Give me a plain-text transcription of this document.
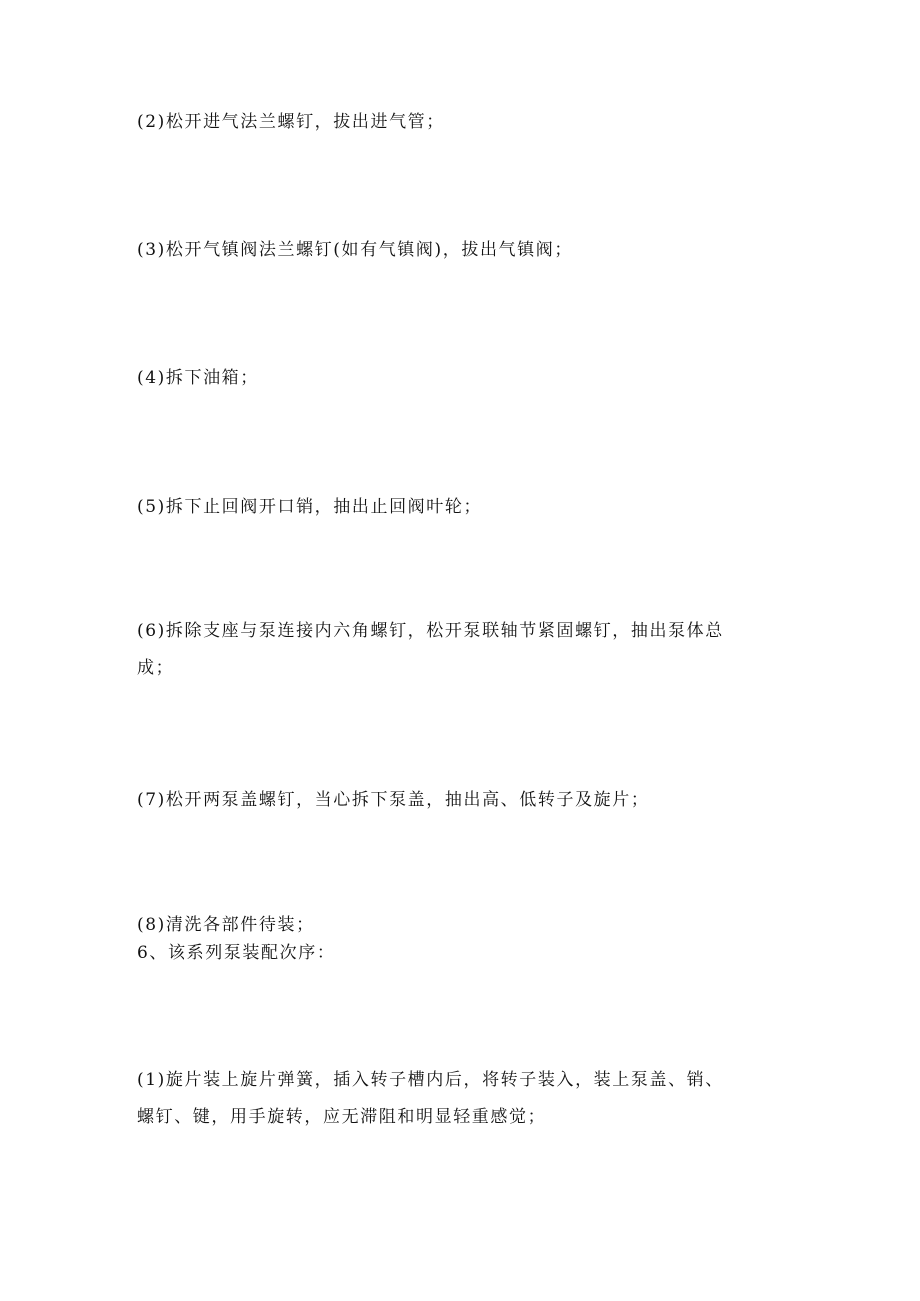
(2)松开进气法兰螺钉，拔出进气管；
(3)松开气镇阀法兰螺钉(如有气镇阀)，拔出气镇阀；
(4)拆下油箱；
(5)拆下止回阀开口销，抽出止回阀叶轮；
(6)拆除支座与泵连接内六角螺钉，松开泵联轴节紧固螺钉，抽出泵体总
成；
(7)松开两泵盖螺钉，当心拆下泵盖，抽出高、低转子及旋片；
(8)清洗各部件待装；
6、该系列泵装配次序：
(1)旋片装上旋片弹簧，插入转子槽内后，将转子装入，装上泵盖、销、
螺钉、键，用手旋转，应无滞阻和明显轻重感觉；
